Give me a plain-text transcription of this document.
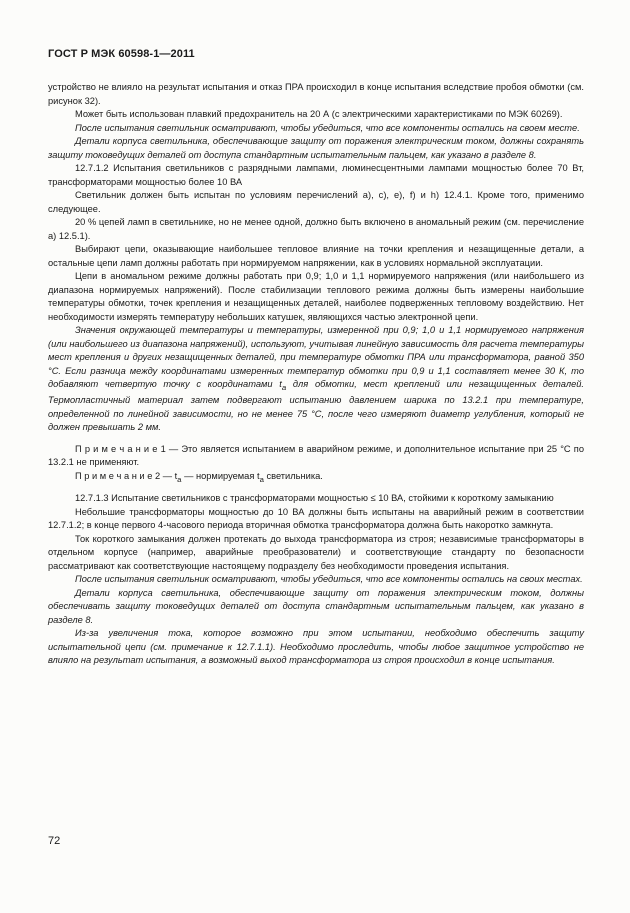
ГОСТ Р МЭК 60598-1—2011

устройство не влияло на результат испытания и отказ ПРА происходил в конце испытания вследствие пробоя обмотки (см. рисунок 32).

Может быть использован плавкий предохранитель на 20 А (с электрическими характеристиками по МЭК 60269).

После испытания светильник осматривают, чтобы убедиться, что все компоненты остались на своем месте.

Детали корпуса светильника, обеспечивающие защиту от поражения электрическим током, должны сохранять защиту токоведущих деталей от доступа стандартным испытательным пальцем, как указано в разделе 8.

12.7.1.2 Испытания светильников с разрядными лампами, люминесцентными лампами мощностью более 70 Вт, трансформаторами мощностью более 10 ВА

Светильник должен быть испытан по условиям перечислений а), с), е), f) и h) 12.4.1. Кроме того, применимо следующее.

20 % цепей ламп в светильнике, но не менее одной, должно быть включено в аномальный режим (см. перечисление а) 12.5.1).

Выбирают цепи, оказывающие наибольшее тепловое влияние на точки крепления и незащищенные детали, а остальные цепи ламп должны работать при нормируемом напряжении, как в условиях нормальной эксплуатации.

Цепи в аномальном режиме должны работать при 0,9; 1,0 и 1,1 нормируемого напряжения (или наибольшего из диапазона нормируемых напряжений). После стабилизации теплового режима должны быть измерены наибольшие температуры обмотки, точек крепления и незащищенных деталей, наиболее подверженных тепловому воздействию. Нет необходимости измерять температуру небольших катушек, являющихся частью электронной цепи.

Значения окружающей температуры и температуры, измеренной при 0,9; 1,0 и 1,1 нормируемого напряжения (или наибольшего из диапазона напряжений), используют, учитывая линейную зависимость для расчета температуры мест крепления и других незащищенных деталей, при температуре обмотки ПРА или трансформатора, равной 350 °С. Если разница между координатами измеренных температур обмотки при 0,9 и 1,1 составляет менее 30 К, то добавляют четвертую точку с координатами $t_a$ для обмотки, мест креплений или незащищенных деталей. Термопластичный материал затем подвергают испытанию давлением шарика по 13.2.1 при температуре, определенной по линейной зависимости, но не менее 75 °С, после чего измеряют диаметр углубления, который не должен превышать 2 мм.

П р и м е ч а н и е 1 — Это является испытанием в аварийном режиме, и дополнительное испытание при 25 °С по 13.2.1 не применяют.

П р и м е ч а н и е 2 — $t_a$ — нормируемая $t_a$ светильника.

12.7.1.3 Испытание светильников с трансформаторами мощностью ≤ 10 ВА, стойкими к короткому замыканию

Небольшие трансформаторы мощностью до 10 ВА должны быть испытаны на аварийный режим в соответствии 12.7.1.2; в конце первого 4-часового периода вторичная обмотка трансформатора должна быть накоротко замкнута.

Ток короткого замыкания должен протекать до выхода трансформатора из строя; независимые трансформаторы в отдельном корпусе (например, аварийные преобразователи) и соответствующие стандарту по безопасности рассматривают как соответствующие настоящему подразделу без необходимости проведения испытания.

После испытания светильник осматривают, чтобы убедиться, что все компоненты остались на своих местах.

Детали корпуса светильника, обеспечивающие защиту от поражения электрическим током, должны обеспечивать защиту токоведущих деталей от доступа стандартным испытательным пальцем, как указано в разделе 8.

Из-за увеличения тока, которое возможно при этом испытании, необходимо обеспечить защиту испытательной цепи (см. примечание к 12.7.1.1). Необходимо проследить, чтобы любое защитное устройство не влияло на результат испытания, а возможный выход трансформатора из строя происходил в конце испытания.

72
